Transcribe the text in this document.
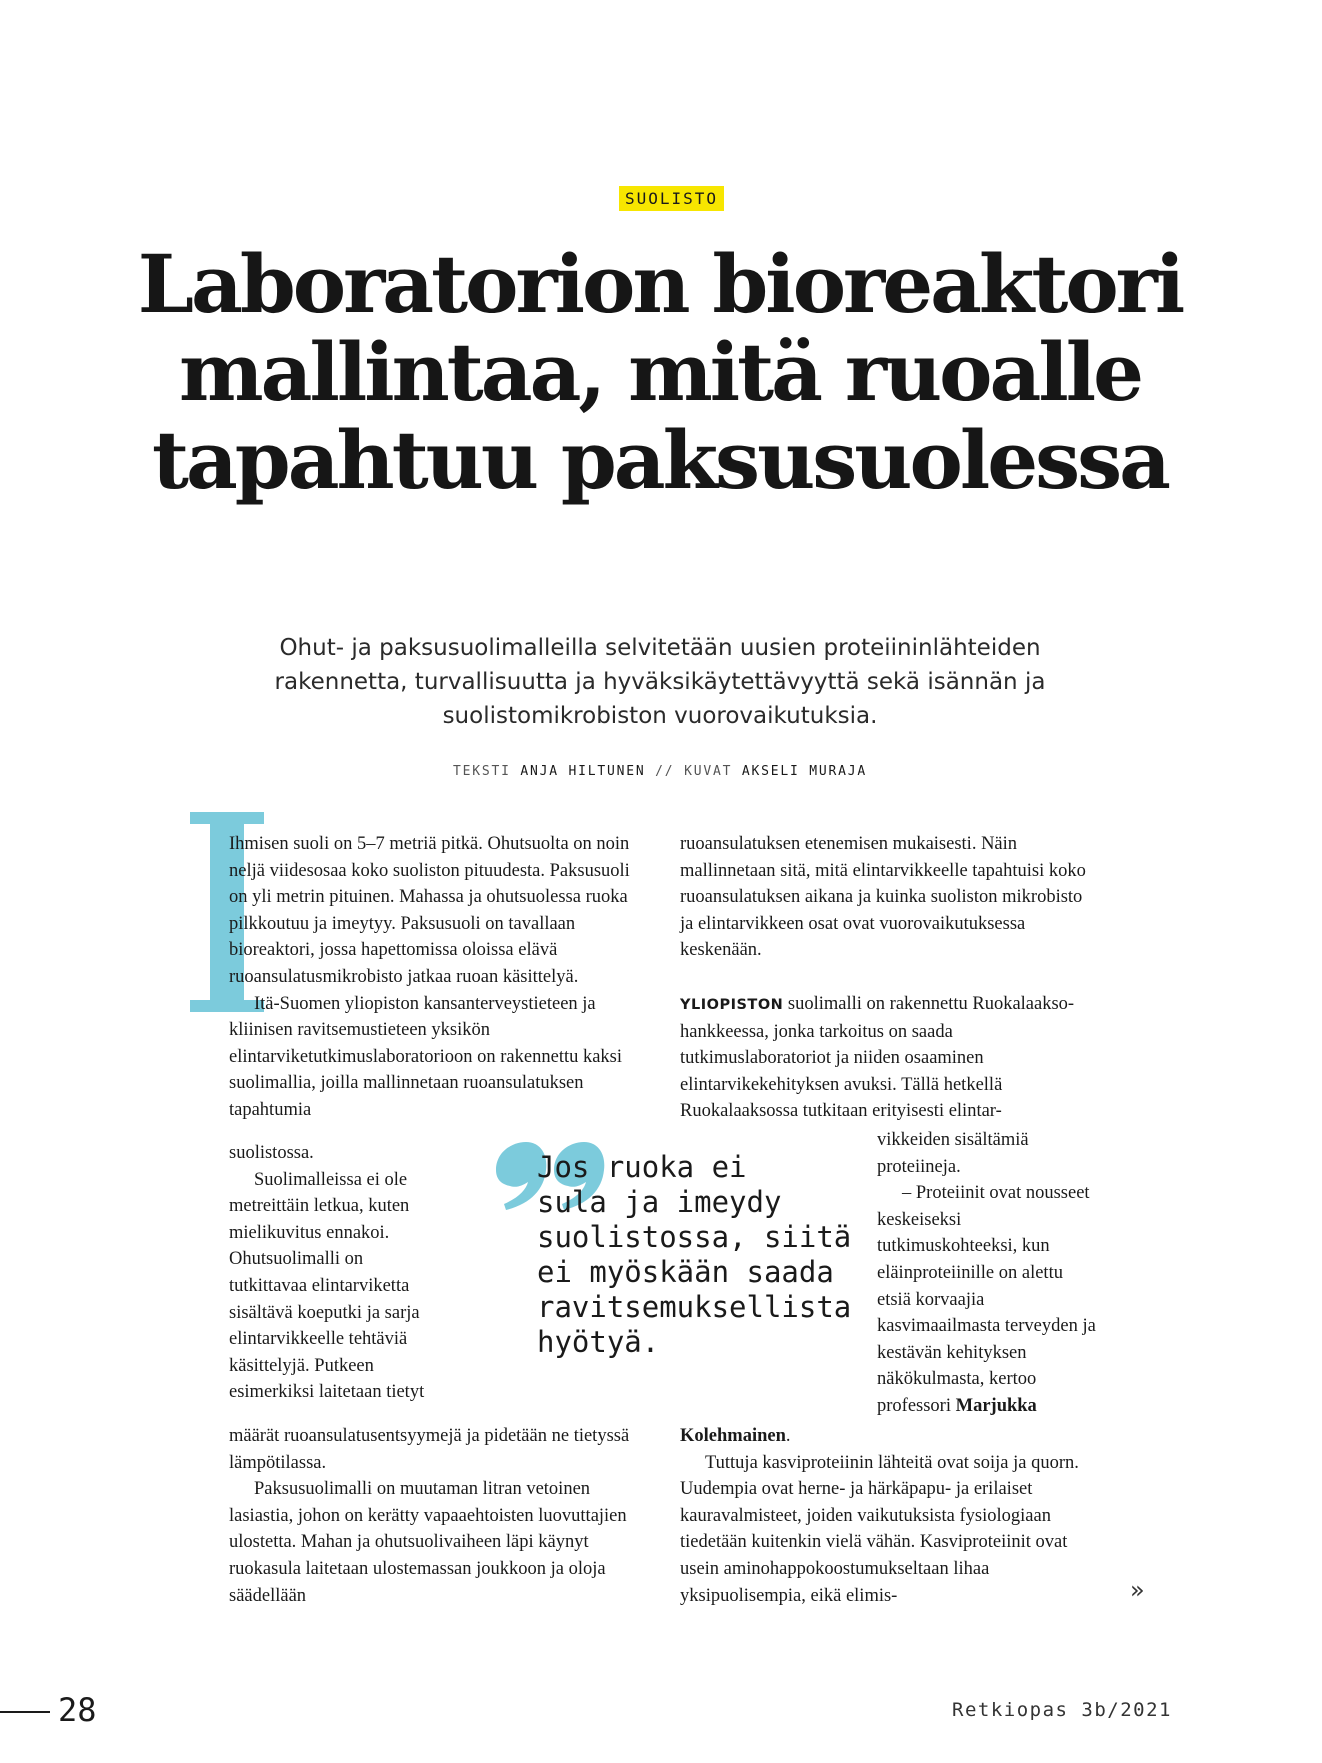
SUOLISTO
Laboratorion bioreaktori mallintaa, mitä ruoalle tapahtuu paksusuolessa

Ohut- ja paksusuolimalleilla selvitetään uusien proteiininlähteiden rakennetta, turvallisuutta ja hyväksikäytettävyyttä sekä isännän ja suolistomikrobiston vuorovaikutuksia.

TEKSTI ANJA HILTUNEN // KUVAT AKSELI MURAJA

Ihmisen suoli on 5–7 metriä pitkä. Ohutsuolta on noin neljä viidesosaa koko suoliston pituudesta. Paksusuoli on yli metrin pituinen. Mahassa ja ohutsuolessa ruoka pilkkoutuu ja imeytyy. Paksusuoli on tavallaan bioreaktori, jossa hapettomissa oloissa elävä ruoansulatusmikrobisto jatkaa ruoan käsittelyä.

Itä-Suomen yliopiston kansanterveystieteen ja kliinisen ravitsemustieteen yksikön elintarviketutkimuslaboratorioon on rakennettu kaksi suolimallia, joilla mallinnetaan ruoansulatuksen tapahtumia

suolistossa.

Suolimalleissa ei ole metreittäin letkua, kuten mielikuvitus ennakoi. Ohutsuolimalli on tutkittavaa elintarviketta sisältävä koeputki ja sarja elintarvikkeelle tehtäviä käsittelyjä. Putkeen esimerkiksi laitetaan tietyt

määrät ruoansulatusentsyymejä ja pidetään ne tietyssä lämpötilassa.

Paksusuolimalli on muutaman litran vetoinen lasiastia, johon on kerätty vapaaehtoisten luovuttajien ulostetta. Mahan ja ohutsuolivaiheen läpi käynyt ruokasula laitetaan ulostemassan joukkoon ja oloja säädellään

Jos ruoka ei
sula ja imeydy
suolistossa, siitä
ei myöskään saada
ravitsemuksellista
hyötyä.

ruoansulatuksen etenemisen mukaisesti. Näin mallinnetaan sitä, mitä elintarvikkeelle tapahtuisi koko ruoansulatuksen aikana ja kuinka suoliston mikrobisto ja elintarvikkeen osat ovat vuorovaikutuksessa keskenään.

YLIOPISTON suolimalli on rakennettu Ruokalaakso-hankkeessa, jonka tarkoitus on saada tutkimuslaboratoriot ja niiden osaaminen elintarvikekehityksen avuksi. Tällä hetkellä Ruokalaaksossa tutkitaan erityisesti elintar-

vikkeiden sisältämiä proteiineja.

– Proteiinit ovat nousseet keskeiseksi tutkimuskohteeksi, kun eläinproteiinille on alettu etsiä korvaajia kasvimaailmasta terveyden ja kestävän kehityksen näkökulmasta, kertoo professori Marjukka

Kolehmainen.

Tuttuja kasviproteiinin lähteitä ovat soija ja quorn. Uudempia ovat herne- ja härkäpapu- ja erilaiset kauravalmisteet, joiden vaikutuksista fysiologiaan tiedetään kuitenkin vielä vähän. Kasviproteiinit ovat usein aminohappokoostumukseltaan lihaa yksipuolisempia, eikä elimis-	»
28	Retkiopas 3b/2021
